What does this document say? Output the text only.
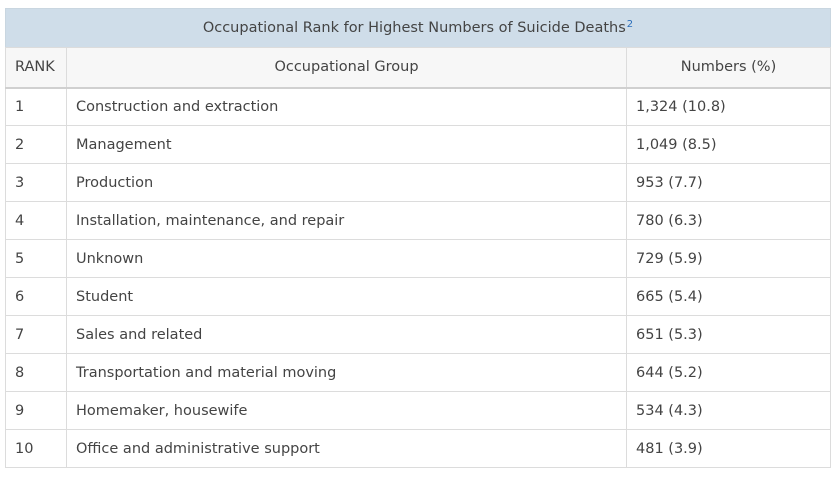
Occupational Rank for Highest Numbers of Suicide Deaths$^2$
RANK	Occupational Group	Numbers (%)
1	Construction and extraction	1,324 (10.8)
2	Management	1,049 (8.5)
3	Production	953 (7.7)
4	Installation, maintenance, and repair	780 (6.3)
5	Unknown	729 (5.9)
6	Student	665 (5.4)
7	Sales and related	651 (5.3)
8	Transportation and material moving	644 (5.2)
9	Homemaker, housewife	534 (4.3)
10	Office and administrative support	481 (3.9)
